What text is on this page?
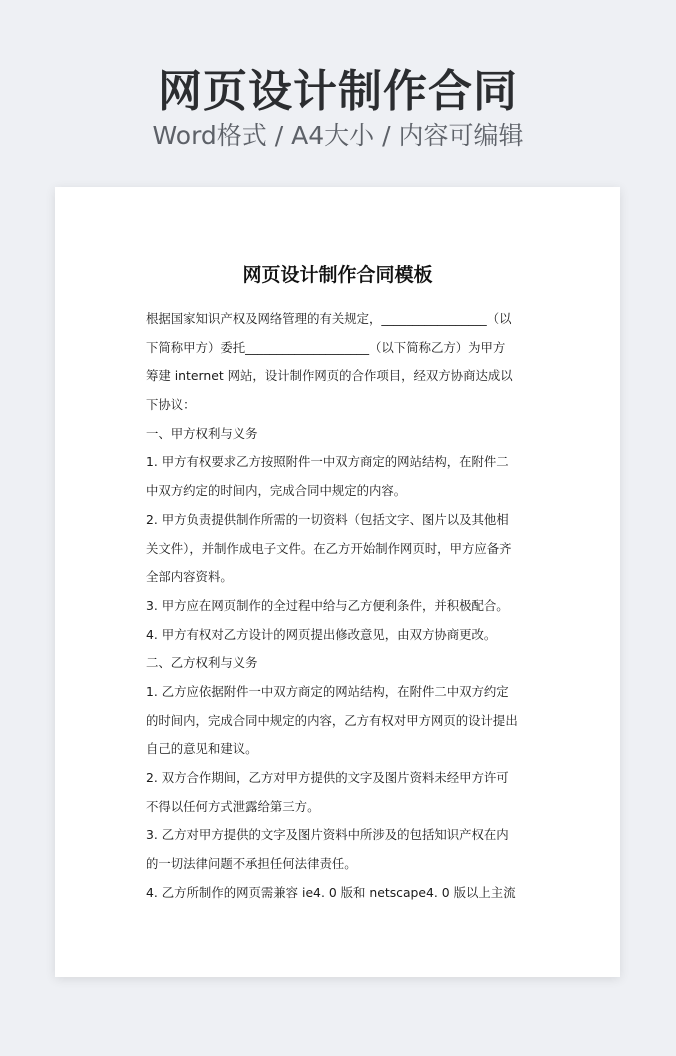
网页设计制作合同
Word格式 / A4大小 / 内容可编辑
网页设计制作合同模板
根据国家知识产权及网络管理的有关规定，_________________（以
下简称甲方）委托____________________（以下简称乙方）为甲方
筹建 internet 网站，设计制作网页的合作项目，经双方协商达成以
下协议：
一、甲方权利与义务
1. 甲方有权要求乙方按照附件一中双方商定的网站结构，在附件二
中双方约定的时间内，完成合同中规定的内容。
2. 甲方负责提供制作所需的一切资料（包括文字、图片以及其他相
关文件），并制作成电子文件。在乙方开始制作网页时，甲方应备齐
全部内容资料。
3. 甲方应在网页制作的全过程中给与乙方便利条件，并积极配合。
4. 甲方有权对乙方设计的网页提出修改意见，由双方协商更改。
二、乙方权利与义务
1. 乙方应依据附件一中双方商定的网站结构，在附件二中双方约定
的时间内，完成合同中规定的内容，乙方有权对甲方网页的设计提出
自己的意见和建议。
2. 双方合作期间，乙方对甲方提供的文字及图片资料未经甲方许可
不得以任何方式泄露给第三方。
3. 乙方对甲方提供的文字及图片资料中所涉及的包括知识产权在内
的一切法律问题不承担任何法律责任。
4. 乙方所制作的网页需兼容 ie4. 0 版和 netscape4. 0 版以上主流
